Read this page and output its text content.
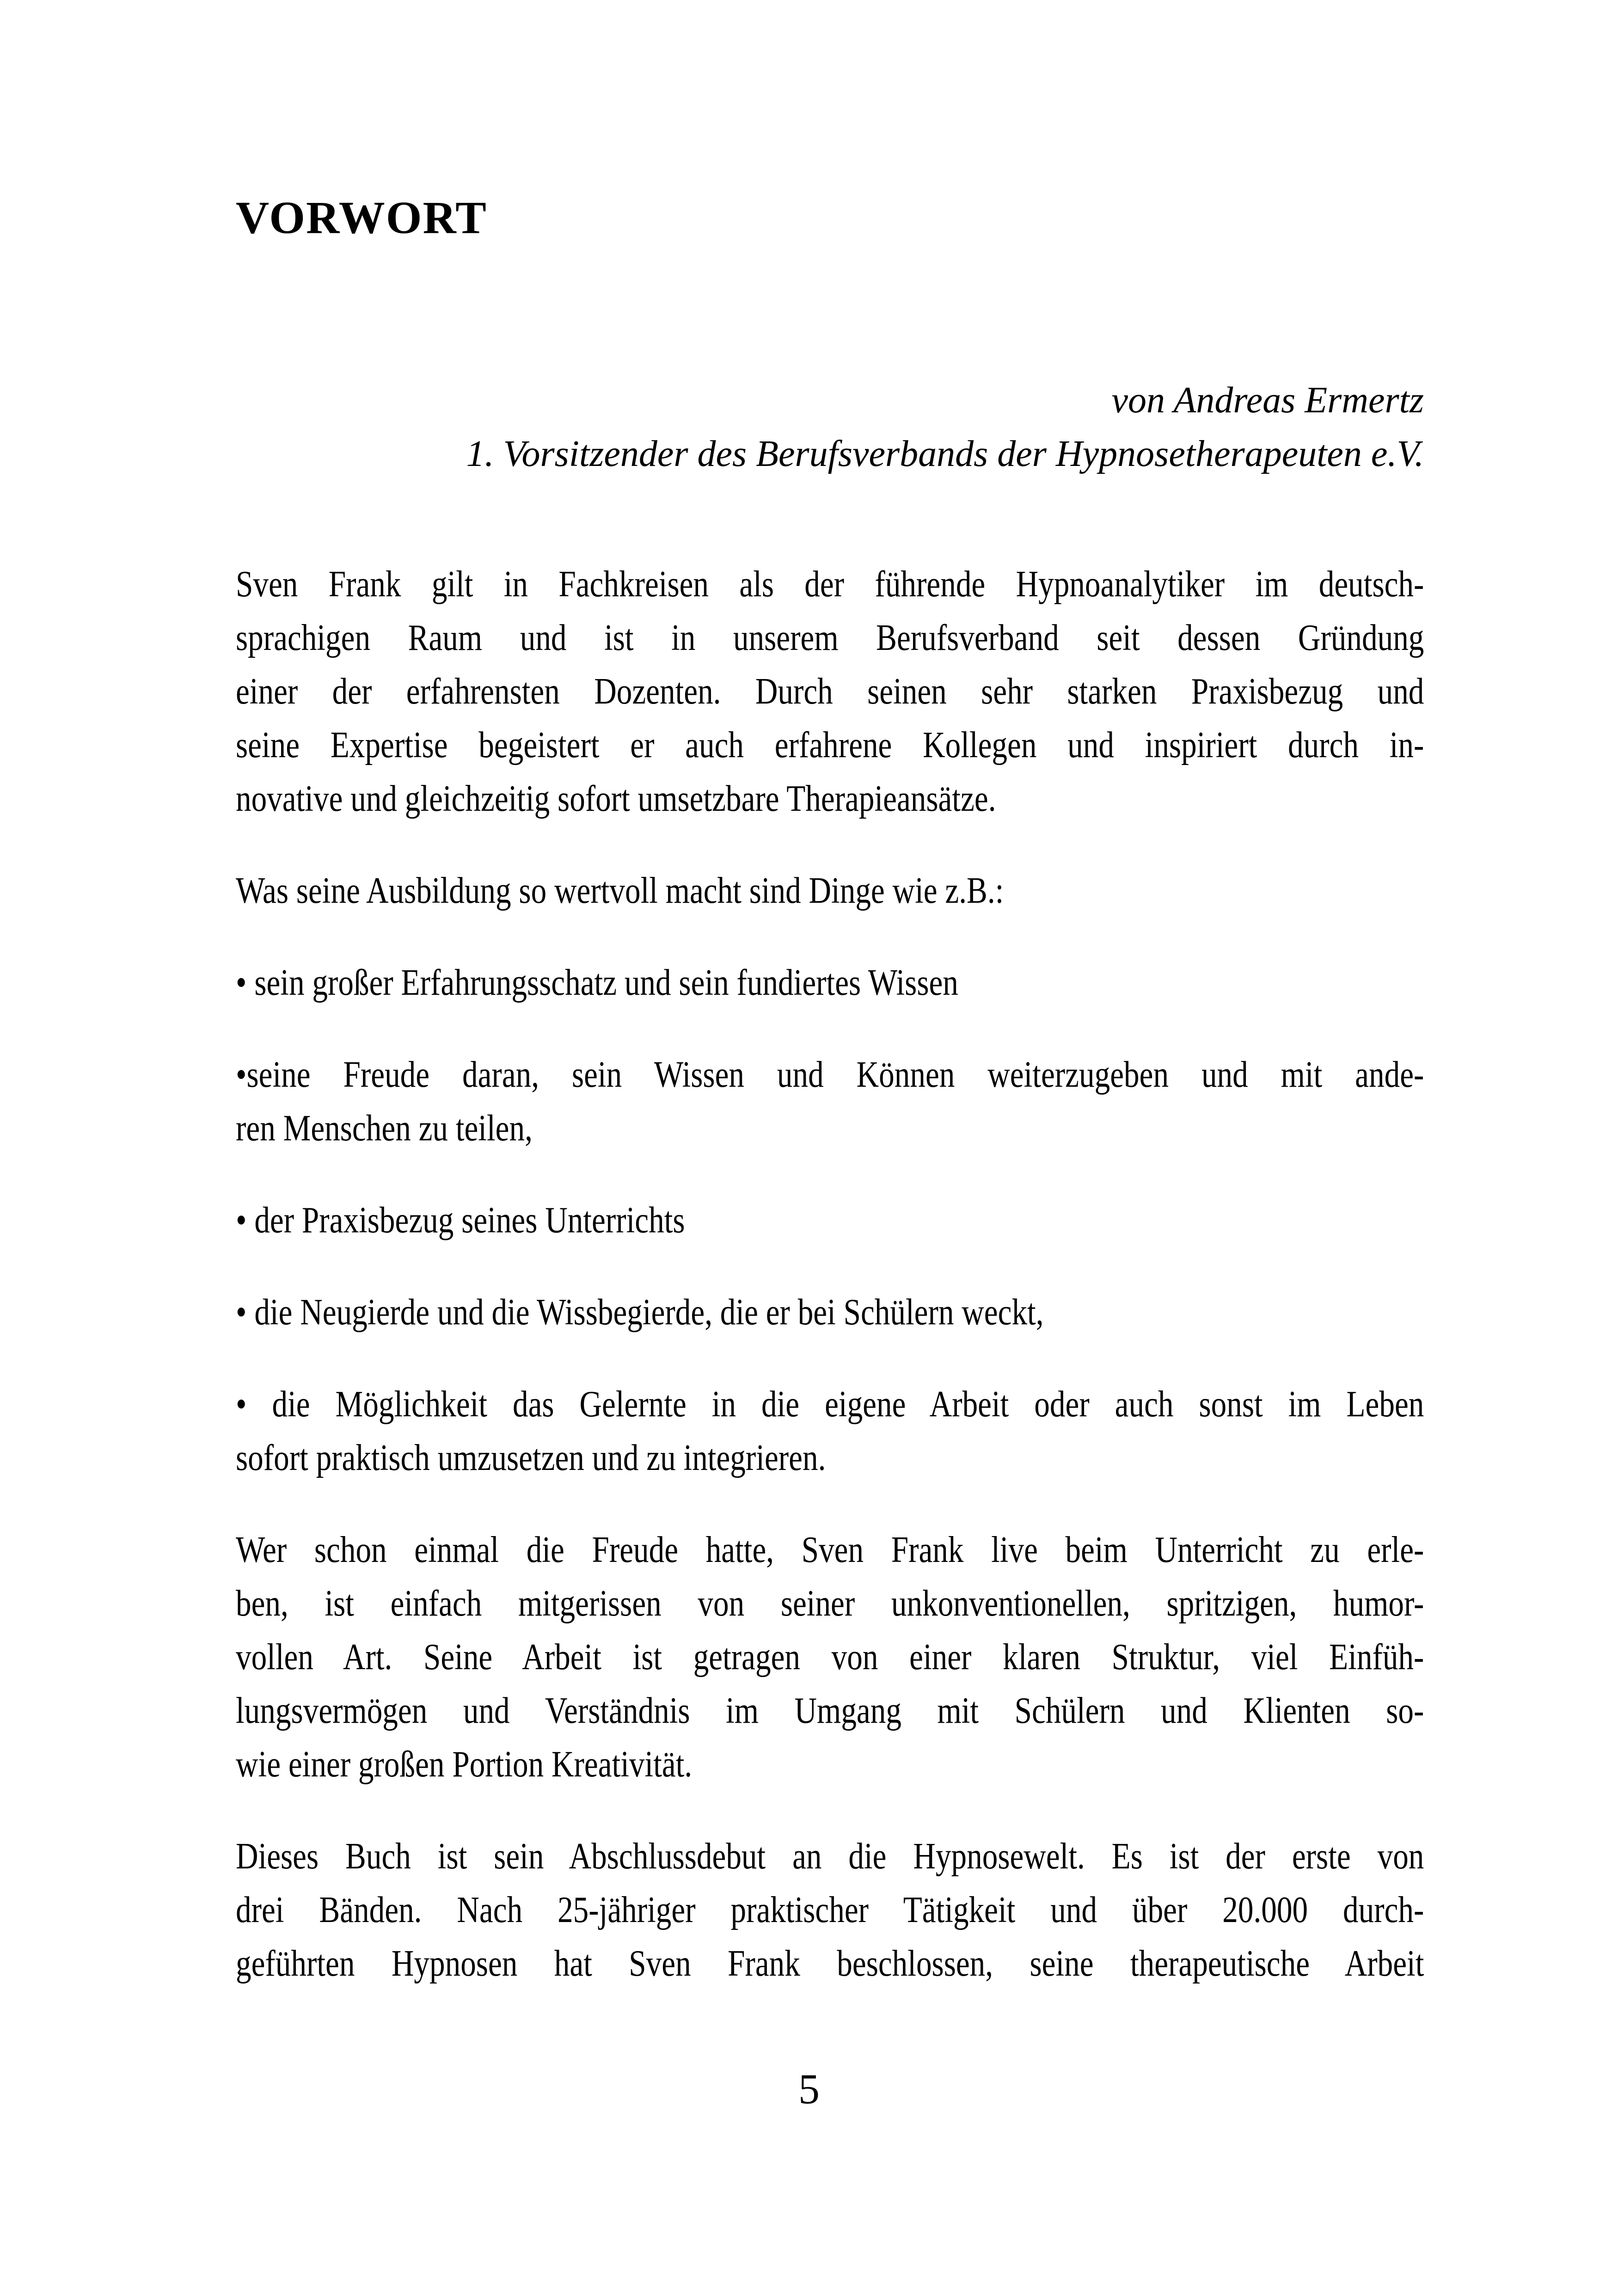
VORWORT
von Andreas Ermertz
1. Vorsitzender des Berufsverbands der Hypnosetherapeuten e.V.
Sven Frank gilt in Fachkreisen als der führende Hypnoanalytiker im deutsch-
sprachigen Raum und ist in unserem Berufsverband seit dessen Gründung
einer der erfahrensten Dozenten. Durch seinen sehr starken Praxisbezug und
seine Expertise begeistert er auch erfahrene Kollegen und inspiriert durch in-
novative und gleichzeitig sofort umsetzbare Therapieansätze.
Was seine Ausbildung so wertvoll macht sind Dinge wie z.B.:
• sein großer Erfahrungsschatz und sein fundiertes Wissen
•seine Freude daran, sein Wissen und Können weiterzugeben und mit ande-
ren Menschen zu teilen,
• der Praxisbezug seines Unterrichts
• die Neugierde und die Wissbegierde, die er bei Schülern weckt,
• die Möglichkeit das Gelernte in die eigene Arbeit oder auch sonst im Leben
sofort praktisch umzusetzen und zu integrieren.
Wer schon einmal die Freude hatte, Sven Frank live beim Unterricht zu erle-
ben, ist einfach mitgerissen von seiner unkonventionellen, spritzigen, humor-
vollen Art. Seine Arbeit ist getragen von einer klaren Struktur, viel Einfüh-
lungsvermögen und Verständnis im Umgang mit Schülern und Klienten so-
wie einer großen Portion Kreativität.
Dieses Buch ist sein Abschlussdebut an die Hypnosewelt. Es ist der erste von
drei Bänden. Nach 25-jähriger praktischer Tätigkeit und über 20.000 durch-
geführten Hypnosen hat Sven Frank beschlossen, seine therapeutische Arbeit
5
